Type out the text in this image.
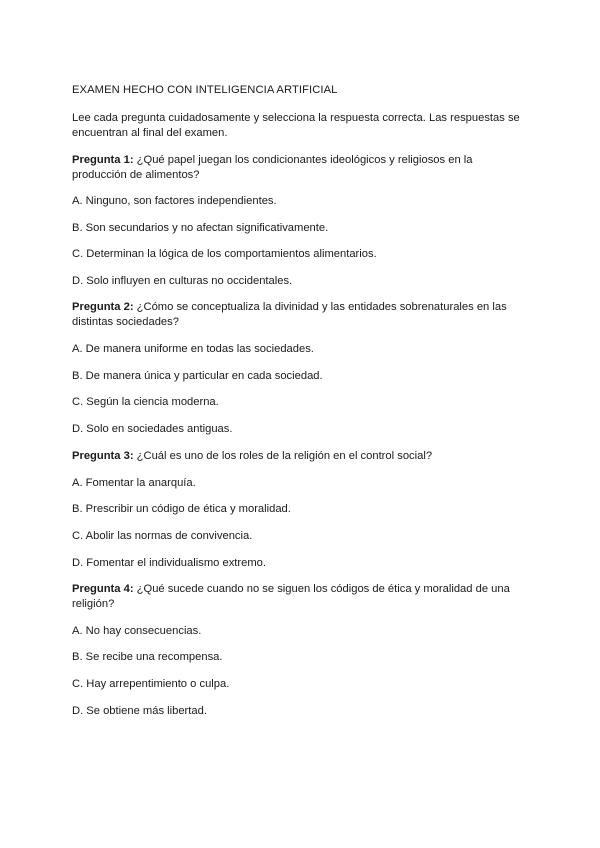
EXAMEN HECHO CON INTELIGENCIA ARTIFICIAL
Lee cada pregunta cuidadosamente y selecciona la respuesta correcta. Las respuestas se encuentran al final del examen.
Pregunta 1: ¿Qué papel juegan los condicionantes ideológicos y religiosos en la producción de alimentos?
A. Ninguno, son factores independientes.
B. Son secundarios y no afectan significativamente.
C. Determinan la lógica de los comportamientos alimentarios.
D. Solo influyen en culturas no occidentales.
Pregunta 2: ¿Cómo se conceptualiza la divinidad y las entidades sobrenaturales en las distintas sociedades?
A. De manera uniforme en todas las sociedades.
B. De manera única y particular en cada sociedad.
C. Según la ciencia moderna.
D. Solo en sociedades antiguas.
Pregunta 3: ¿Cuál es uno de los roles de la religión en el control social?
A. Fomentar la anarquía.
B. Prescribir un código de ética y moralidad.
C. Abolir las normas de convivencia.
D. Fomentar el individualismo extremo.
Pregunta 4: ¿Qué sucede cuando no se siguen los códigos de ética y moralidad de una religión?
A. No hay consecuencias.
B. Se recibe una recompensa.
C. Hay arrepentimiento o culpa.
D. Se obtiene más libertad.
